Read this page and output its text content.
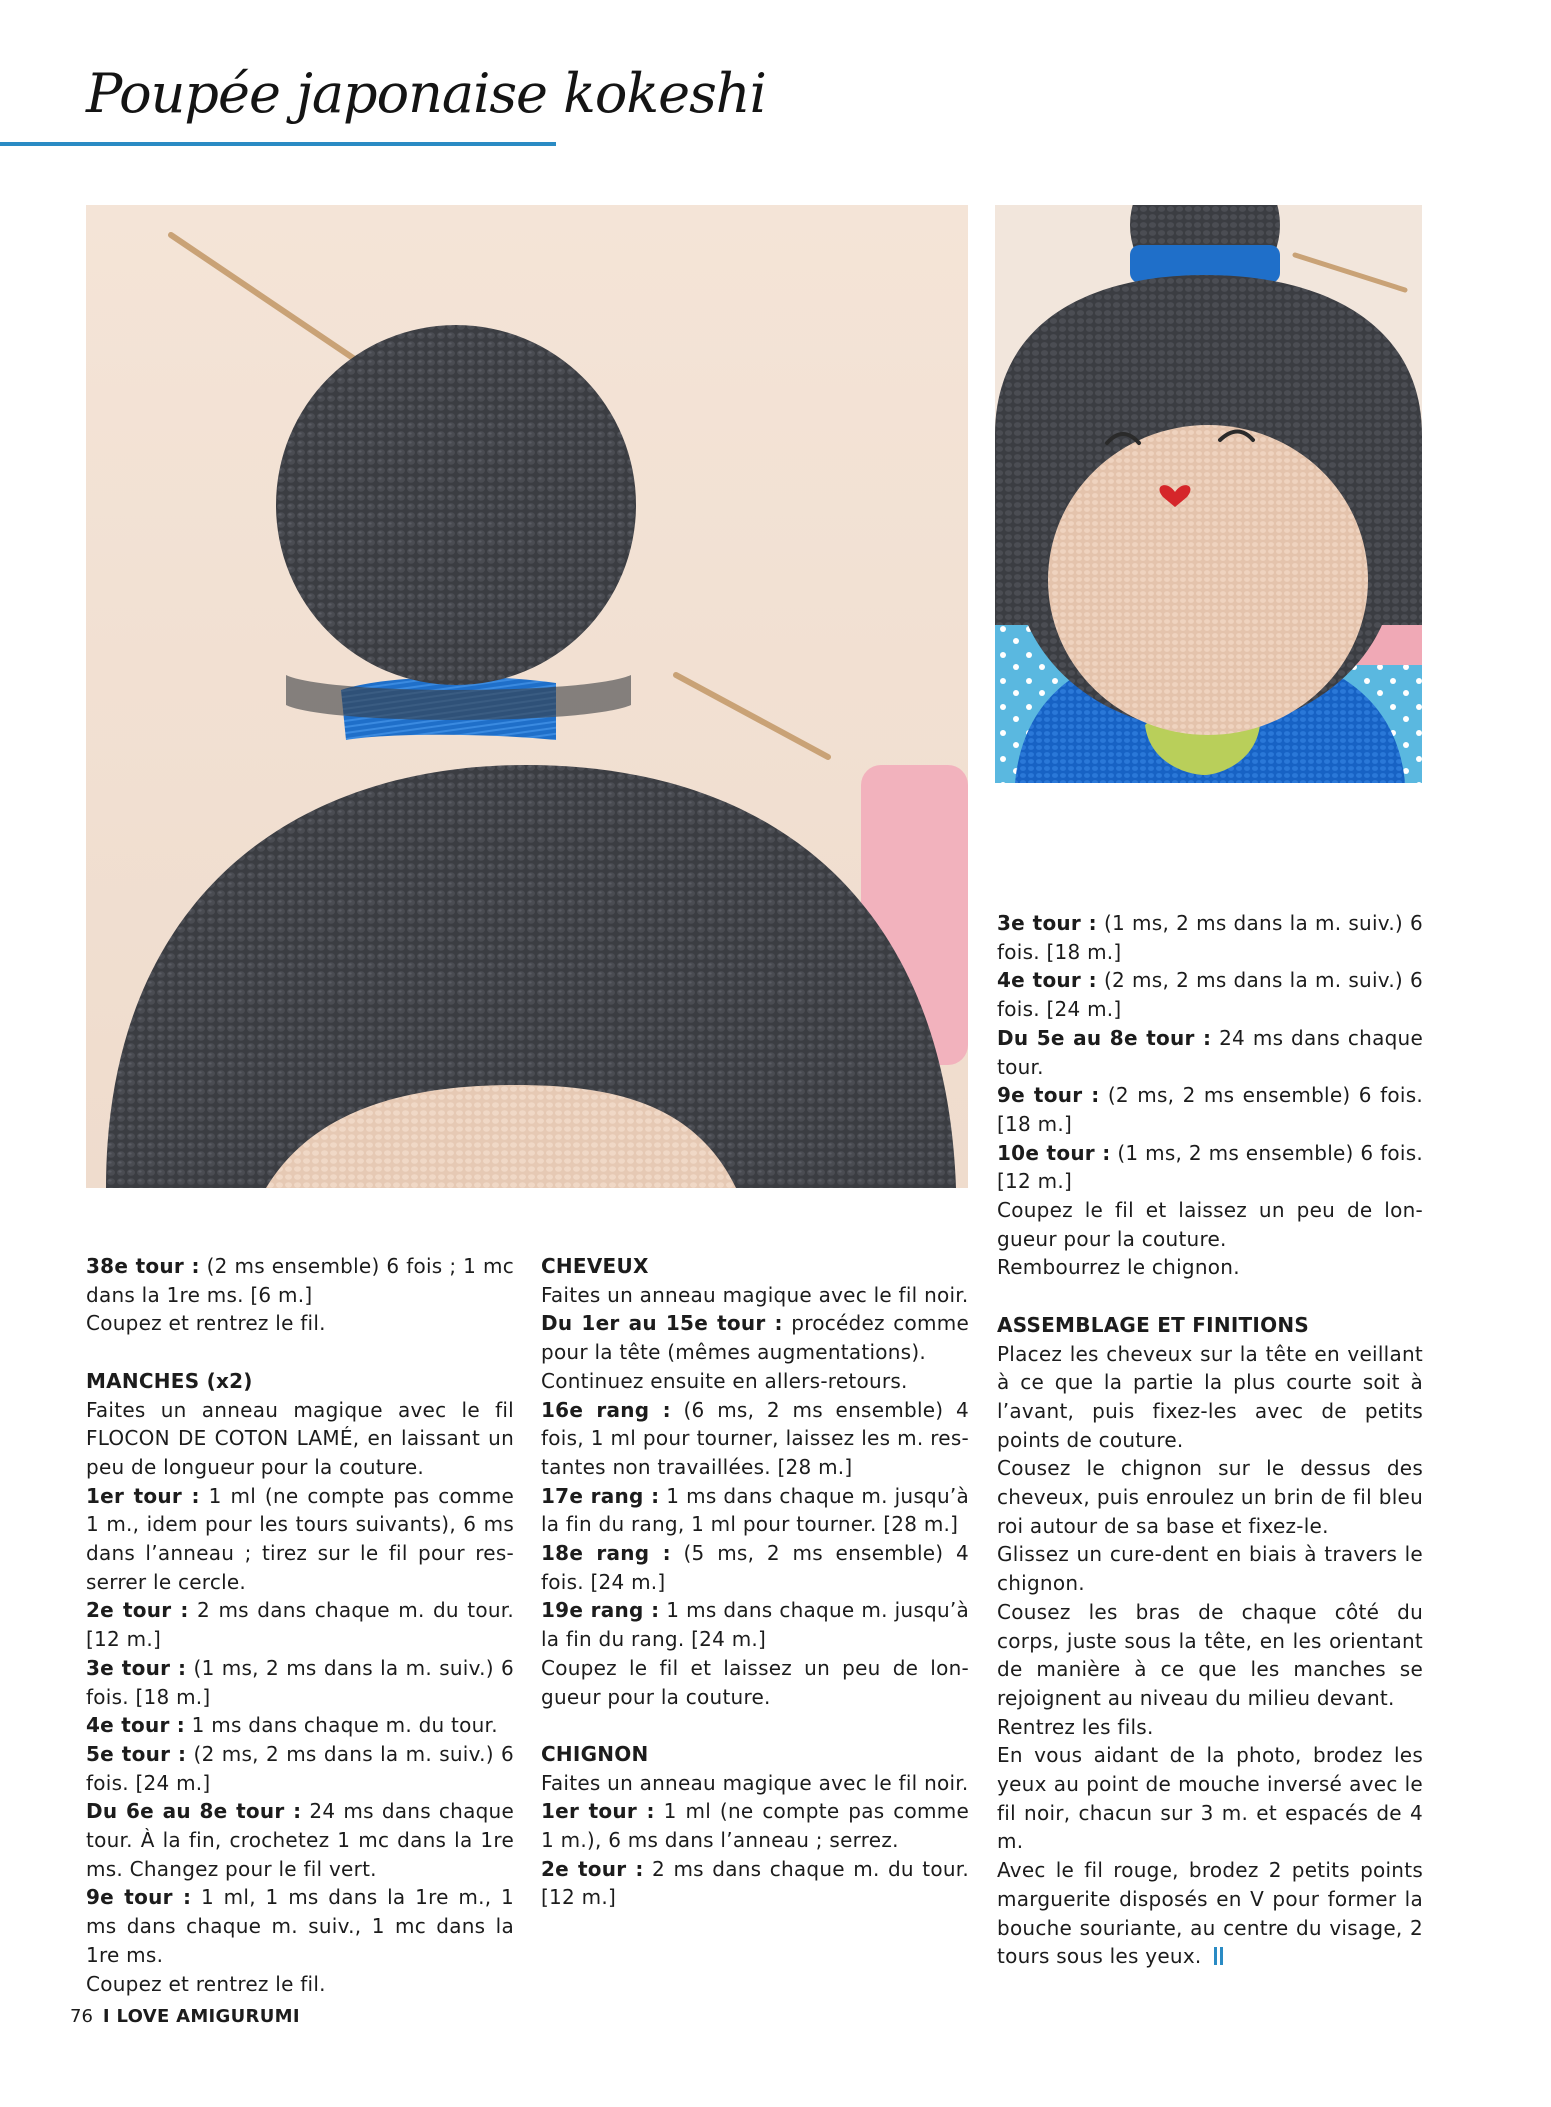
Poupée japonaise kokeshi

38e tour : (2 ms ensemble) 6 fois ; 1 mc dans la 1re ms. [6 m.]

Coupez et rentrez le fil.

MANCHES (x2)

Faites un anneau magique avec le fil FLOCON DE COTON LAMÉ, en laissant un peu de longueur pour la couture.

1er tour : 1 ml (ne compte pas comme 1 m., idem pour les tours suivants), 6 ms dans l’anneau ; tirez sur le fil pour res-serrer le cercle.

2e tour : 2 ms dans chaque m. du tour. [12 m.]

3e tour : (1 ms, 2 ms dans la m. suiv.) 6 fois. [18 m.]

4e tour : 1 ms dans chaque m. du tour.

5e tour : (2 ms, 2 ms dans la m. suiv.) 6 fois. [24 m.]

Du 6e au 8e tour : 24 ms dans chaque tour. À la fin, crochetez 1 mc dans la 1re ms. Changez pour le fil vert.

9e tour : 1 ml, 1 ms dans la 1re m., 1 ms dans chaque m. suiv., 1 mc dans la 1re ms.

Coupez et rentrez le fil.

CHEVEUX

Faites un anneau magique avec le fil noir.

Du 1er au 15e tour : procédez comme pour la tête (mêmes augmentations).

Continuez ensuite en allers-retours.

16e rang : (6 ms, 2 ms ensemble) 4 fois, 1 ml pour tourner, laissez les m. res-tantes non travaillées. [28 m.]

17e rang : 1 ms dans chaque m. jusqu’à la fin du rang, 1 ml pour tourner. [28 m.]

18e rang : (5 ms, 2 ms ensemble) 4 fois. [24 m.]

19e rang : 1 ms dans chaque m. jusqu’à la fin du rang. [24 m.]

Coupez le fil et laissez un peu de lon-gueur pour la couture.

CHIGNON

Faites un anneau magique avec le fil noir.

1er tour : 1 ml (ne compte pas comme 1 m.), 6 ms dans l’anneau ; serrez.

2e tour : 2 ms dans chaque m. du tour. [12 m.]

3e tour : (1 ms, 2 ms dans la m. suiv.) 6 fois. [18 m.]

4e tour : (2 ms, 2 ms dans la m. suiv.) 6 fois. [24 m.]

Du 5e au 8e tour : 24 ms dans chaque tour.

9e tour : (2 ms, 2 ms ensemble) 6 fois. [18 m.]

10e tour : (1 ms, 2 ms ensemble) 6 fois. [12 m.]

Coupez le fil et laissez un peu de lon-gueur pour la couture.

Rembourrez le chignon.

ASSEMBLAGE ET FINITIONS

Placez les cheveux sur la tête en veillant à ce que la partie la plus courte soit à l’avant, puis fixez-les avec de petits points de couture.

Cousez le chignon sur le dessus des cheveux, puis enroulez un brin de fil bleu roi autour de sa base et fixez-le.

Glissez un cure-dent en biais à travers le chignon.

Cousez les bras de chaque côté du corps, juste sous la tête, en les orientant de manière à ce que les manches se rejoignent au niveau du milieu devant.

Rentrez les fils.

En vous aidant de la photo, brodez les yeux au point de mouche inversé avec le fil noir, chacun sur 3 m. et espacés de 4 m.

Avec le fil rouge, brodez 2 petits points marguerite disposés en V pour former la bouche souriante, au centre du visage, 2 tours sous les yeux.

76 I LOVE AMIGURUMI
